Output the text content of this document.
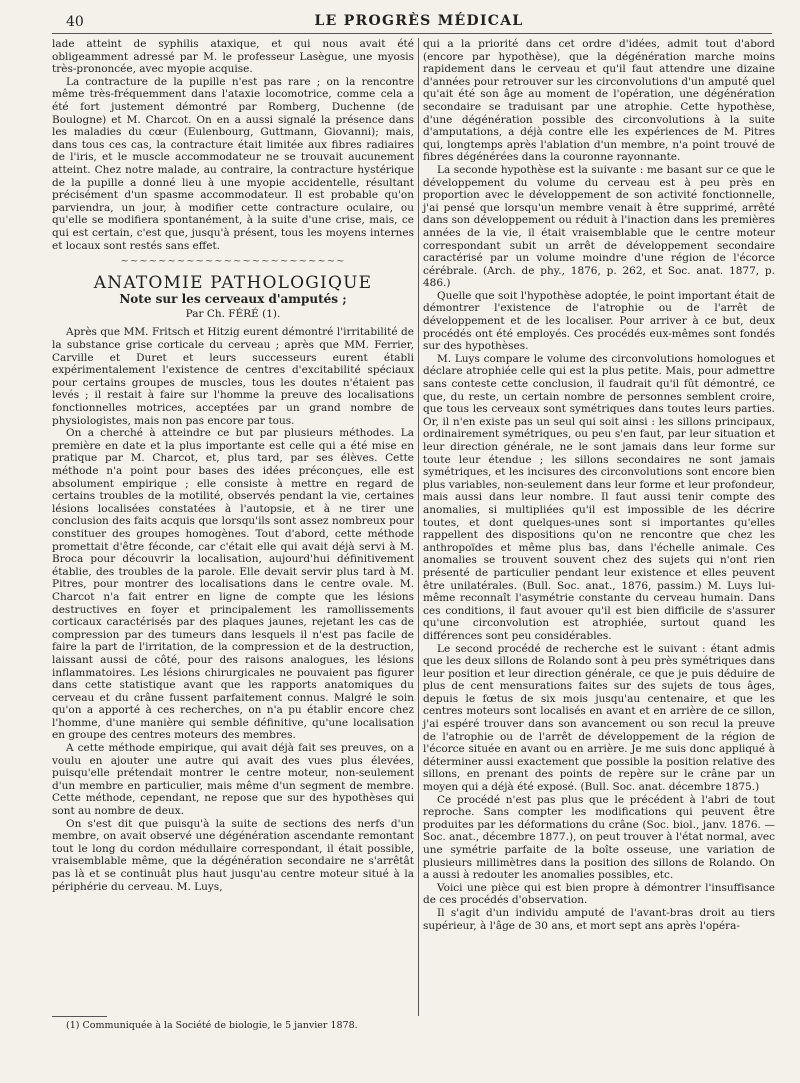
40	LE PROGRÈS MÉDICAL

lade atteint de syphilis ataxique, et qui nous avait été obligeamment adressé par M. le professeur Lasègue, une myosis très-prononcée, avec myopie acquise.

La contracture de la pupille n'est pas rare ; on la rencontre même très-fréquemment dans l'ataxie locomotrice, comme cela a été fort justement démontré par Romberg, Duchenne (de Boulogne) et M. Charcot. On en a aussi signalé la présence dans les maladies du cœur (Eulenbourg, Guttmann, Giovanni); mais, dans tous ces cas, la contracture était limitée aux fibres radiaires de l'iris, et le muscle accommodateur ne se trouvait aucunement atteint. Chez notre malade, au contraire, la contracture hystérique de la pupille a donné lieu à une myopie accidentelle, résultant précisément d'un spasme accommodateur. Il est probable qu'on parviendra, un jour, à modifier cette contracture oculaire, ou qu'elle se modifiera spontanément, à la suite d'une crise, mais, ce qui est certain, c'est que, jusqu'à présent, tous les moyens internes et locaux sont restés sans effet.

~~~~~~~~~~~~~~~~~~~~~~~~
ANATOMIE PATHOLOGIQUE
Note sur les cerveaux d'amputés ;
Par Ch. FÉRÉ (1).

Après que MM. Fritsch et Hitzig eurent démontré l'irritabilité de la substance grise corticale du cerveau ; après que MM. Ferrier, Carville et Duret et leurs successeurs eurent établi expérimentalement l'existence de centres d'excitabilité spéciaux pour certains groupes de muscles, tous les doutes n'étaient pas levés ; il restait à faire sur l'homme la preuve des localisations fonctionnelles motrices, acceptées par un grand nombre de physiologistes, mais non pas encore par tous.

On a cherché à atteindre ce but par plusieurs méthodes. La première en date et la plus importante est celle qui a été mise en pratique par M. Charcot, et, plus tard, par ses élèves. Cette méthode n'a point pour bases des idées préconçues, elle est absolument empirique ; elle consiste à mettre en regard de certains troubles de la motilité, observés pendant la vie, certaines lésions localisées constatées à l'autopsie, et à ne tirer une conclusion des faits acquis que lorsqu'ils sont assez nombreux pour constituer des groupes homogènes. Tout d'abord, cette méthode promettait d'être féconde, car c'était elle qui avait déjà servi à M. Broca pour découvrir la localisation, aujourd'hui définitivement établie, des troubles de la parole. Elle devait servir plus tard à M. Pitres, pour montrer des localisations dans le centre ovale. M. Charcot n'a fait entrer en ligne de compte que les lésions destructives en foyer et principalement les ramollissements corticaux caractérisés par des plaques jaunes, rejetant les cas de compression par des tumeurs dans lesquels il n'est pas facile de faire la part de l'irritation, de la compression et de la destruction, laissant aussi de côté, pour des raisons analogues, les lésions inflammatoires. Les lésions chirurgicales ne pouvaient pas figurer dans cette statistique avant que les rapports anatomiques du cerveau et du crâne fussent parfaitement connus. Malgré le soin qu'on a apporté à ces recherches, on n'a pu établir encore chez l'homme, d'une manière qui semble définitive, qu'une localisation en groupe des centres moteurs des membres.

A cette méthode empirique, qui avait déjà fait ses preuves, on a voulu en ajouter une autre qui avait des vues plus élevées, puisqu'elle prétendait montrer le centre moteur, non-seulement d'un membre en particulier, mais même d'un segment de membre. Cette méthode, cependant, ne repose que sur des hypothèses qui sont au nombre de deux.

On s'est dit que puisqu'à la suite de sections des nerfs d'un membre, on avait observé une dégénération ascendante remontant tout le long du cordon médullaire correspondant, il était possible, vraisemblable même, que la dégénération secondaire ne s'arrêtât pas là et se continuât plus haut jusqu'au centre moteur situé à la périphérie du cerveau. M. Luys,

qui a la priorité dans cet ordre d'idées, admit tout d'abord (encore par hypothèse), que la dégénération marche moins rapidement dans le cerveau et qu'il faut attendre une dizaine d'années pour retrouver sur les circonvolutions d'un amputé quel qu'ait été son âge au moment de l'opération, une dégénération secondaire se traduisant par une atrophie. Cette hypothèse, d'une dégénération possible des circonvolutions à la suite d'amputations, a déjà contre elle les expériences de M. Pitres qui, longtemps après l'ablation d'un membre, n'a point trouvé de fibres dégénérées dans la couronne rayonnante.

La seconde hypothèse est la suivante : me basant sur ce que le développement du volume du cerveau est à peu près en proportion avec le développement de son activité fonctionnelle, j'ai pensé que lorsqu'un membre venait à être supprimé, arrêté dans son développement ou réduit à l'inaction dans les premières années de la vie, il était vraisemblable que le centre moteur correspondant subit un arrêt de développement secondaire caractérisé par un volume moindre d'une région de l'écorce cérébrale. (Arch. de phy., 1876, p. 262, et Soc. anat. 1877, p. 486.)

Quelle que soit l'hypothèse adoptée, le point important était de démontrer l'existence de l'atrophie ou de l'arrêt de développement et de les localiser. Pour arriver à ce but, deux procédés ont été employés. Ces procédés eux-mêmes sont fondés sur des hypothèses.

M. Luys compare le volume des circonvolutions homologues et déclare atrophiée celle qui est la plus petite. Mais, pour admettre sans conteste cette conclusion, il faudrait qu'il fût démontré, ce que, du reste, un certain nombre de personnes semblent croire, que tous les cerveaux sont symétriques dans toutes leurs parties. Or, il n'en existe pas un seul qui soit ainsi : les sillons principaux, ordinairement symétriques, ou peu s'en faut, par leur situation et leur direction générale, ne le sont jamais dans leur forme sur toute leur étendue ; les sillons secondaires ne sont jamais symétriques, et les incisures des circonvolutions sont encore bien plus variables, non-seulement dans leur forme et leur profondeur, mais aussi dans leur nombre. Il faut aussi tenir compte des anomalies, si multipliées qu'il est impossible de les décrire toutes, et dont quelques-unes sont si importantes qu'elles rappellent des dispositions qu'on ne rencontre que chez les anthropoïdes et même plus bas, dans l'échelle animale. Ces anomalies se trouvent souvent chez des sujets qui n'ont rien présenté de particulier pendant leur existence et elles peuvent être unilatérales. (Bull. Soc. anat., 1876, passim.) M. Luys lui-même reconnaît l'asymétrie constante du cerveau humain. Dans ces conditions, il faut avouer qu'il est bien difficile de s'assurer qu'une circonvolution est atrophiée, surtout quand les différences sont peu considérables.

Le second procédé de recherche est le suivant : étant admis que les deux sillons de Rolando sont à peu près symétriques dans leur position et leur direction générale, ce que je puis déduire de plus de cent mensurations faites sur des sujets de tous âges, depuis le fœtus de six mois jusqu'au centenaire, et que les centres moteurs sont localisés en avant et en arrière de ce sillon, j'ai espéré trouver dans son avancement ou son recul la preuve de l'atrophie ou de l'arrêt de développement de la région de l'écorce située en avant ou en arrière. Je me suis donc appliqué à déterminer aussi exactement que possible la position relative des sillons, en prenant des points de repère sur le crâne par un moyen qui a déjà été exposé. (Bull. Soc. anat. décembre 1875.)

Ce procédé n'est pas plus que le précédent à l'abri de tout reproche. Sans compter les modifications qui peuvent être produites par les déformations du crâne (Soc. biol., janv. 1876. — Soc. anat., décembre 1877.), on peut trouver à l'état normal, avec une symétrie parfaite de la boîte osseuse, une variation de plusieurs millimètres dans la position des sillons de Rolando. On a aussi à redouter les anomalies possibles, etc.

Voici une pièce qui est bien propre à démontrer l'insuffisance de ces procédés d'observation.

Il s'agit d'un individu amputé de l'avant-bras droit au tiers supérieur, à l'âge de 30 ans, et mort sept ans après l'opéra-

(1) Communiquée à la Société de biologie, le 5 janvier 1878.
